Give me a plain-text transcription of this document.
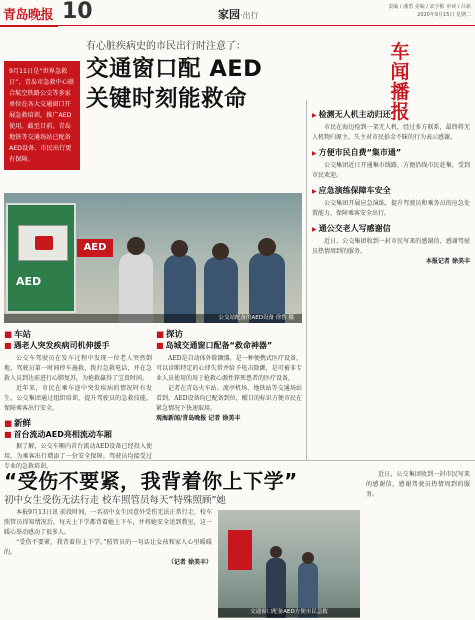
青岛晚报 10	家园·出行
责编 / 潘勇 美编 / 宋宇彬 审读 / 吕新
2020年9月15日 星期二
有心脏疾病史的市民出行时注意了：
交通窗口配 AED
关键时刻能救命
9月11日是“世界急救日”，青岛市急救中心联合航空铁路公交等多家单位在各大交通窗口开展急救培训，推广AED使用。截至目前，青岛地铁等交通场站已配备AED设备，市民出行更有保障。
车
闻
播
报
AED
AED
公交站配备的AED设备 徐鲁 摄
■ 车站
■ 遇老人突发疾病司机伸援手

公交车驾驶员在发车过程中发现一位老人突然倒地，驾驶员第一时间停车施救，拨打急救电话，并在急救人员到达前进行心肺复苏，为抢救赢得了宝贵时间。

近年来，市民在乘车途中突发疾病的情况时有发生。公交集团通过组织培训，提升驾驶员的急救技能，保障乘客出行安全。

■ 新鲜
■ 首台流动AED亮相流动车厢

据了解，公交车厢内首台流动AED设备已经投入使用，为乘客出行增添了一份安全保障。驾驶员均接受过专业的急救培训。

■ 探访
■ 岛城交通窗口配备“救命神器”

AED是自动体外除颤器，是一种便携式医疗设备，可以诊断特定的心律失常并给予电击除颤，是可被非专业人员使用的用于抢救心源性猝死患者的医疗设备。

记者在青岛火车站、流亭机场、地铁站等交通场站看到，AED设备均已配备到位，醒目的标识方便市民在紧急情况下快速取用。

观海新闻/青岛晚报 记者 徐美丰

▶ 检测无人机主动归还

市民在海边捡到一架无人机，经过多方联系，最终将无人机物归原主。失主对市民拾金不昧的行为表示感谢。

▶ 方便市民自费“集市通”

公交集团近日开通集市线路，方便沿线市民赶集，受到市民欢迎。

▶ 应急演练保障车安全

公交集团开展应急演练，提升驾驶员和乘务员的应急处置能力，保障乘客安全出行。

▶ 通公交老人写感谢信

近日，公交集团收到一封市民写来的感谢信，感谢驾驶员热情周到的服务。

本报记者 徐美丰

“受伤不要紧，我背着你上下学”
初中女生受伤无法行走 校车照管员每天“特殊照顾”她

本报9月13日讯 前段时间，一名初中女生因意外受伤无法正常行走，校车照管员得知情况后，每天上下学都背着她上下车，并将她安全送到教室，这一暖心举动感动了很多人。

“受伤不要紧，我背着你上下学。”照管员的一句话让女孩和家人心里暖暖的。

（记者 徐美丰）

交通窗口配备AED方便市民急救

近日，公交集团收到一封市民写来的感谢信，感谢驾驶员热情周到的服务。
